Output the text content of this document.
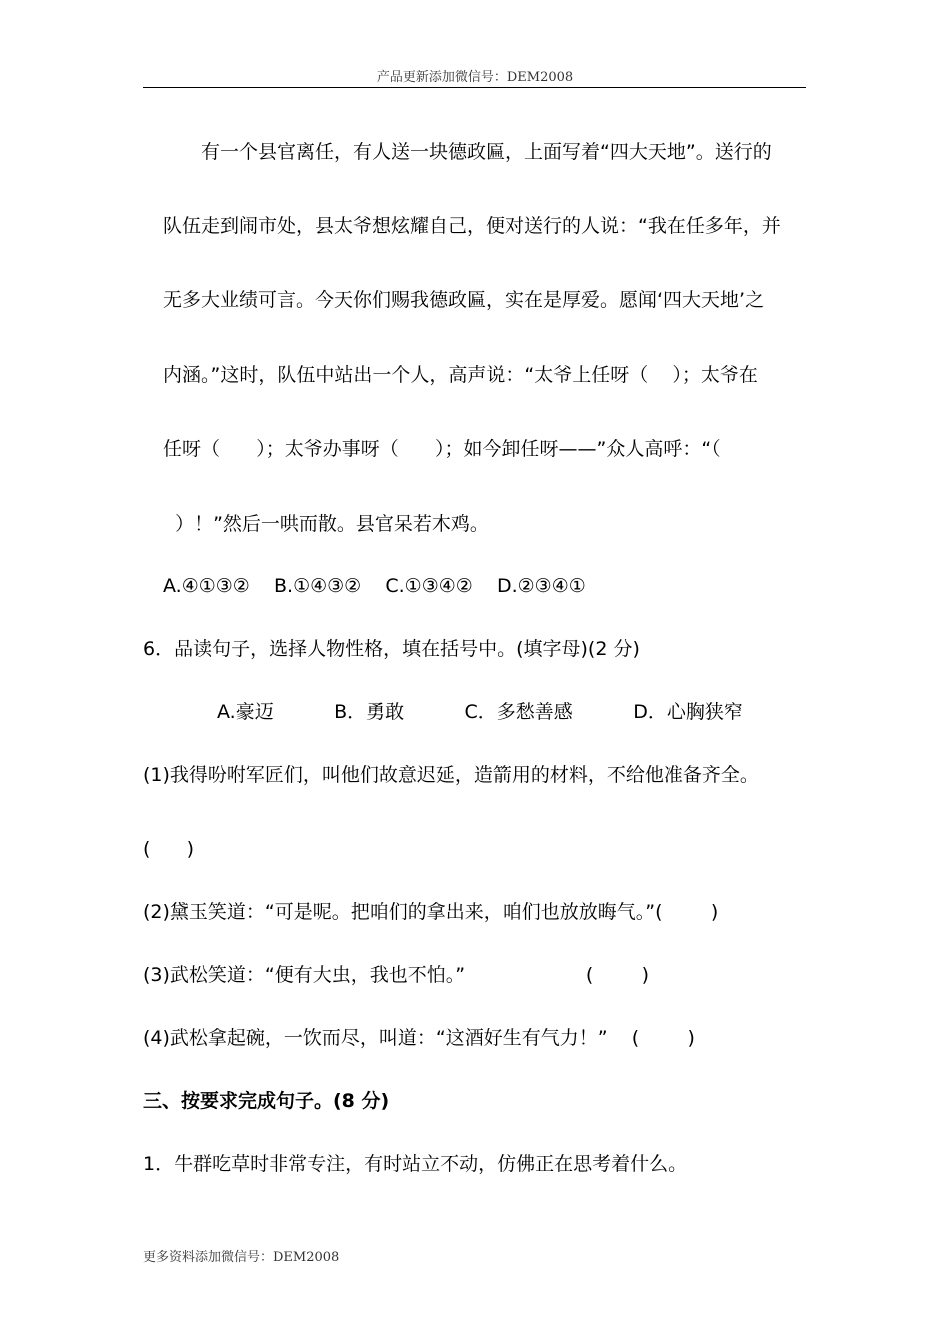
产品更新添加微信号：DEM2008
有一个县官离任，有人送一块德政匾，上面写着“四大天地”。送行的
队伍走到闹市处，县太爷想炫耀自己，便对送行的人说：“我在任多年，并
无多大业绩可言。今天你们赐我德政匾，实在是厚爱。愿闻‘四大天地’之
内涵。”这时，队伍中站出一个人，高声说：“太爷上任呀（    ）；太爷在
任呀（      ）；太爷办事呀（      ）；如今卸任呀——”众人高呼：“（
）！”然后一哄而散。县官呆若木鸡。
A.④①③②    B.①④③②    C.①③④②    D.②③④①
6．品读句子，选择人物性格，填在括号中。(填字母)(2 分)
A.豪迈          B．勇敢          C．多愁善感          D．心胸狭窄
(1)我得吩咐军匠们，叫他们故意迟延，造箭用的材料，不给他准备齐全。
(      )
(2)黛玉笑道：“可是呢。把咱们的拿出来，咱们也放放晦气。”(        )
(3)武松笑道：“便有大虫，我也不怕。”                    (        )
(4)武松拿起碗，一饮而尽，叫道：“这酒好生有气力！”    (        )
三、按要求完成句子。(8 分)
1．牛群吃草时非常专注，有时站立不动，仿佛正在思考着什么。
更多资料添加微信号：DEM2008
